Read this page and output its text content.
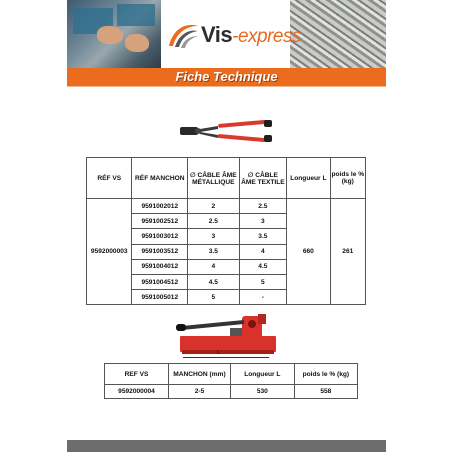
Vis-express
Fiche Technique
RÉF VS	RÉF MANCHON	∅ CÂBLE ÂME MÉTALLIQUE	∅ CÂBLE ÂME TEXTILE	Longueur L	poids le % (kg)
9592000003	9591002012	2	2.5	660	261
	9591002512	2.5	3		
	9591003012	3	3.5		
	9591003512	3.5	4		
	9591004012	4	4.5		
	9591004512	4.5	5		
	9591005012	5	-		
L
REF VS	MANCHON (mm)	Longueur L	poids le % (kg)
9592000004	2-5	530	558
